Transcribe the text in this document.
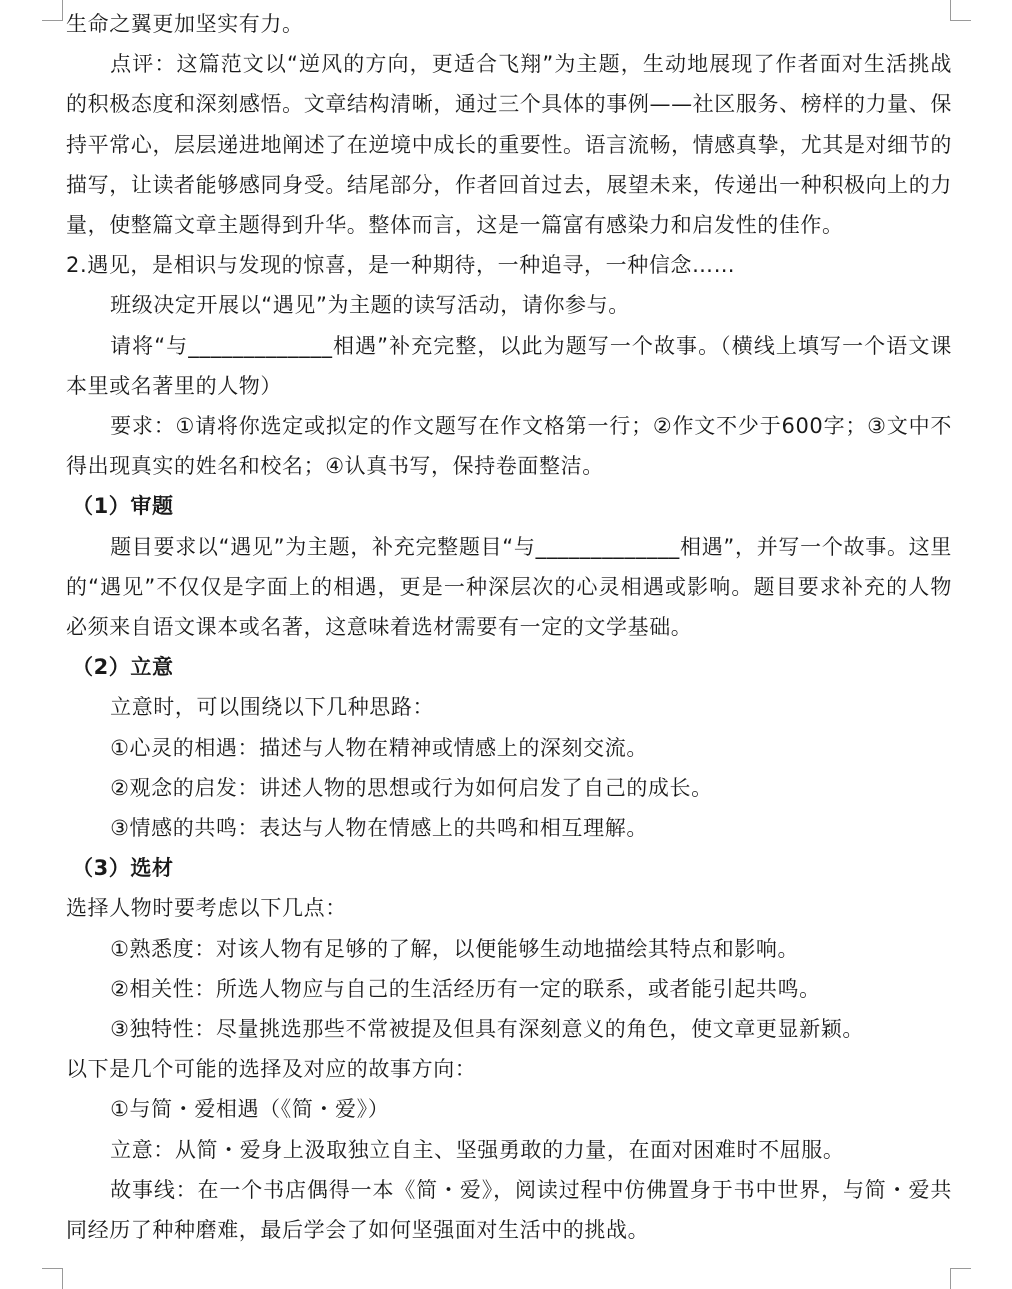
生命之翼更加坚实有力。

点评：这篇范文以“逆风的方向，更适合飞翔”为主题，生动地展现了作者面对生活挑战的积极态度和深刻感悟。文章结构清晰，通过三个具体的事例——社区服务、榜样的力量、保持平常心，层层递进地阐述了在逆境中成长的重要性。语言流畅，情感真挚，尤其是对细节的描写，让读者能够感同身受。结尾部分，作者回首过去，展望未来，传递出一种积极向上的力量，使整篇文章主题得到升华。整体而言，这是一篇富有感染力和启发性的佳作。

2.遇见，是相识与发现的惊喜，是一种期待，一种追寻，一种信念……

班级决定开展以“遇见”为主题的读写活动，请你参与。

请将“与_____________相遇”补充完整，以此为题写一个故事。（横线上填写一个语文课本里或名著里的人物）

要求：①请将你选定或拟定的作文题写在作文格第一行；②作文不少于600字；③文中不得出现真实的姓名和校名；④认真书写，保持卷面整洁。

（1）审题

题目要求以“遇见”为主题，补充完整题目“与_____________相遇”，并写一个故事。这里的“遇见”不仅仅是字面上的相遇，更是一种深层次的心灵相遇或影响。题目要求补充的人物必须来自语文课本或名著，这意味着选材需要有一定的文学基础。

（2）立意

立意时，可以围绕以下几种思路：

①心灵的相遇：描述与人物在精神或情感上的深刻交流。

②观念的启发：讲述人物的思想或行为如何启发了自己的成长。

③情感的共鸣：表达与人物在情感上的共鸣和相互理解。

（3）选材

选择人物时要考虑以下几点：

①熟悉度：对该人物有足够的了解，以便能够生动地描绘其特点和影响。

②相关性：所选人物应与自己的生活经历有一定的联系，或者能引起共鸣。

③独特性：尽量挑选那些不常被提及但具有深刻意义的角色，使文章更显新颖。

以下是几个可能的选择及对应的故事方向：

①与简・爱相遇（《简・爱》）

立意：从简・爱身上汲取独立自主、坚强勇敢的力量，在面对困难时不屈服。

故事线：在一个书店偶得一本《简・爱》，阅读过程中仿佛置身于书中世界，与简・爱共同经历了种种磨难，最后学会了如何坚强面对生活中的挑战。
